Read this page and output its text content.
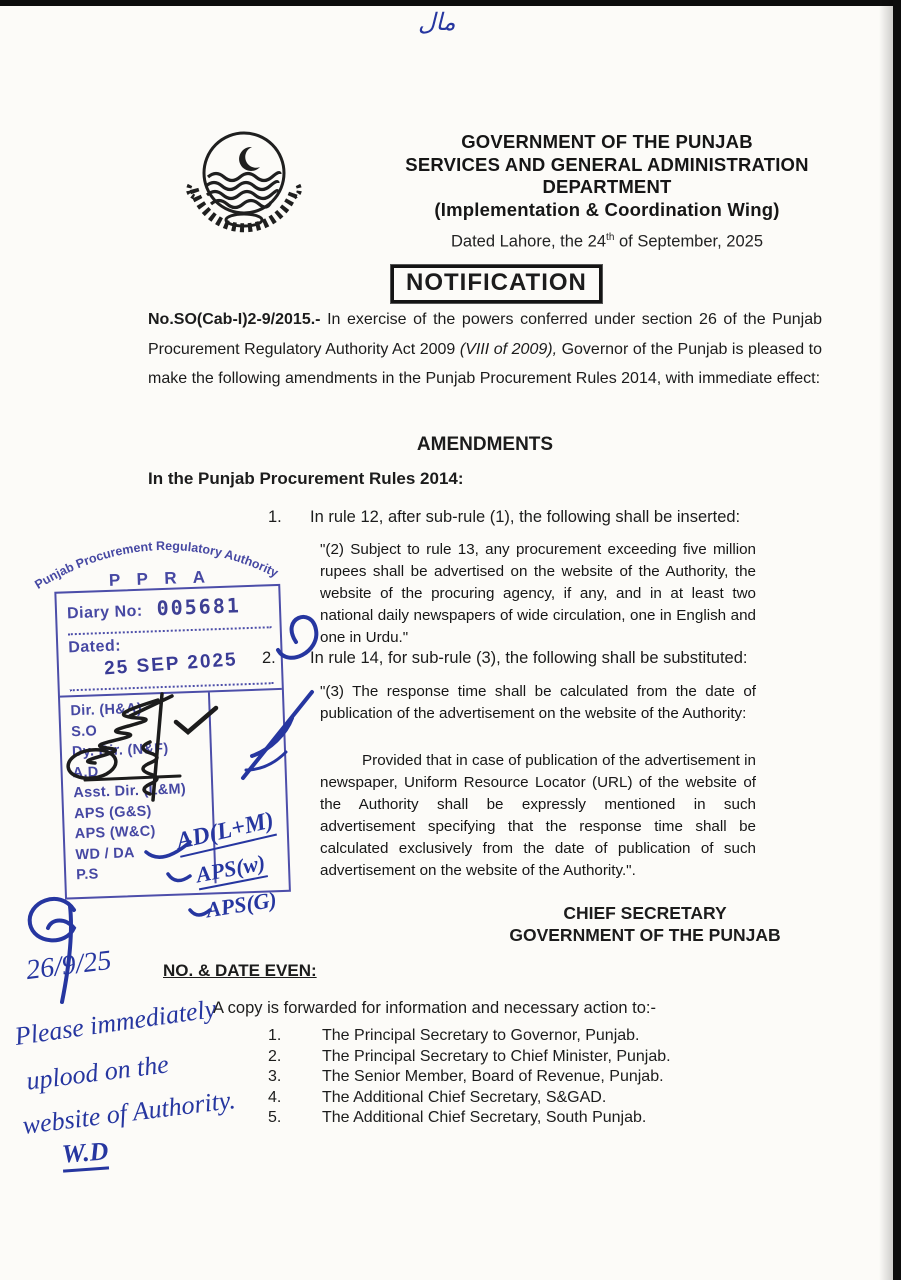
مال
GOVERNMENT OF THE PUNJAB
SERVICES AND GENERAL ADMINISTRATION
DEPARTMENT
(Implementation & Coordination Wing)
Dated Lahore, the 24th of September, 2025
NOTIFICATION
No.SO(Cab-I)2-9/2015.- In exercise of the powers conferred under section 26 of the Punjab Procurement Regulatory Authority Act 2009 (VIII of 2009), Governor of the Punjab is pleased to make the following amendments in the Punjab Procurement Rules 2014, with immediate effect:
AMENDMENTS
In the Punjab Procurement Rules 2014:
1. In rule 12, after sub-rule (1), the following shall be inserted:
"(2) Subject to rule 13, any procurement exceeding five million rupees shall be advertised on the website of the Authority, the website of the procuring agency, if any, and in at least two national daily newspapers of wide circulation, one in English and one in Urdu."
2. In rule 14, for sub-rule (3), the following shall be substituted:
"(3) The response time shall be calculated from the date of publication of the advertisement on the website of the Authority:
Provided that in case of publication of the advertisement in newspaper, Uniform Resource Locator (URL) of the website of the Authority shall be expressly mentioned in such advertisement specifying that the response time shall be calculated exclusively from the date of publication of such advertisement on the website of the Authority.".
CHIEF SECRETARY
GOVERNMENT OF THE PUNJAB
NO. & DATE EVEN:
A copy is forwarded for information and necessary action to:-
1.	The Principal Secretary to Governor, Punjab.
2.	The Principal Secretary to Chief Minister, Punjab.
3.	The Senior Member, Board of Revenue, Punjab.
4.	The Additional Chief Secretary, S&GAD.
5.	The Additional Chief Secretary, South Punjab.
Punjab Procurement Regulatory Authority
P P R A
Diary No: 005681
Dated:
25 SEP 2025
Dir. (H&A)
S.O
Dy. Dir. (N&F)
A.D
Asst. Dir. (L&M)
APS (G&S)
APS (W&C)
WD / DA
P.S
AD(L+M)
APS(w)
APS(G)
26/9/25
Please immediately
uplood on the
website of Authority.
W.D
